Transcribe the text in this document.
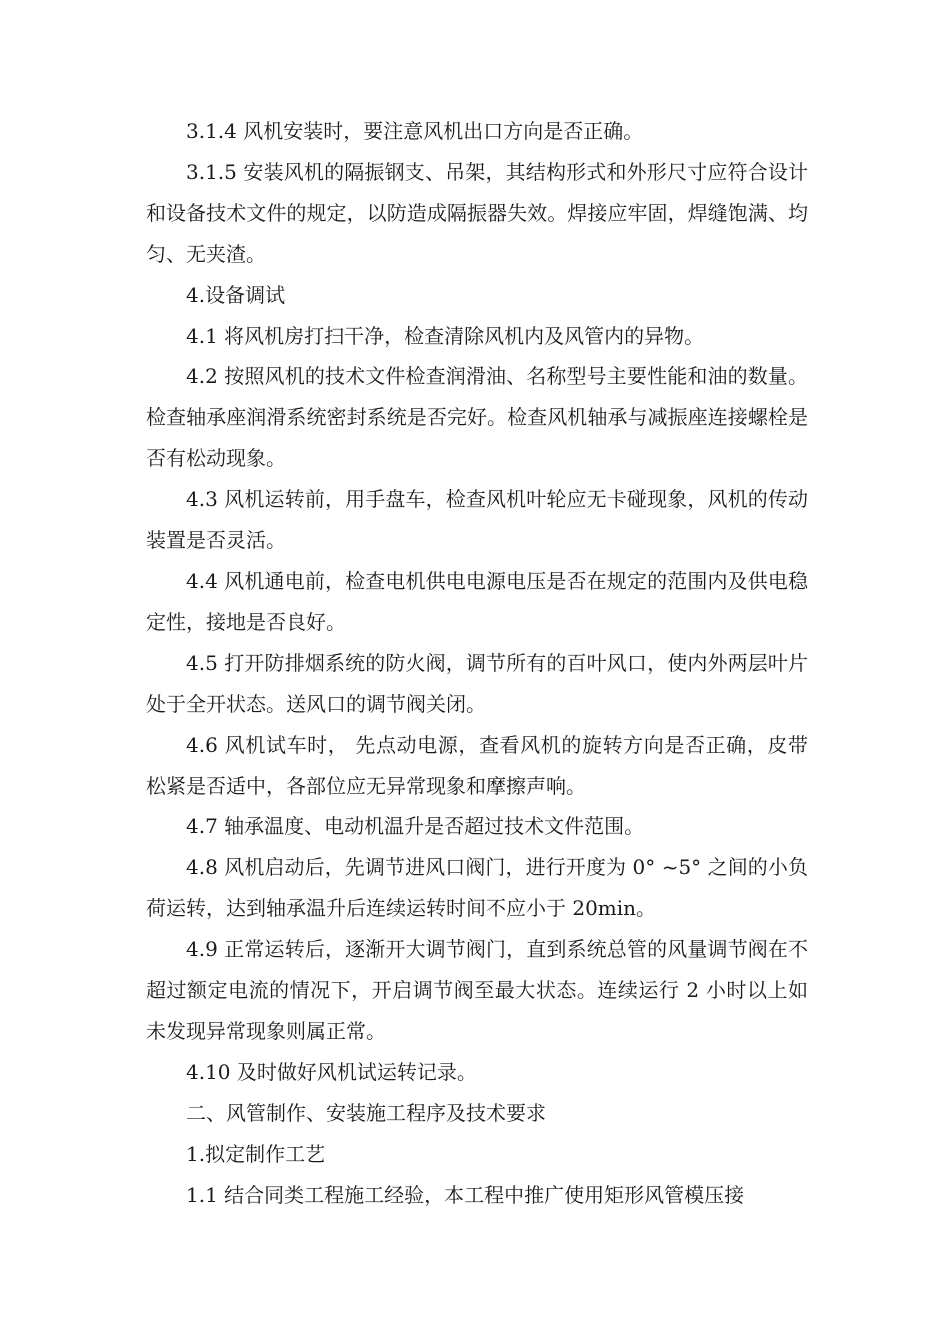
3.1.4 风机安装时，要注意风机出口方向是否正确。

3.1.5 安装风机的隔振钢支、吊架，其结构形式和外形尺寸应符合设计和设备技术文件的规定，以防造成隔振器失效。焊接应牢固，焊缝饱满、均匀、无夹渣。

4.设备调试

4.1 将风机房打扫干净，检查清除风机内及风管内的异物。

4.2 按照风机的技术文件检查润滑油、名称型号主要性能和油的数量。检查轴承座润滑系统密封系统是否完好。检查风机轴承与减振座连接螺栓是否有松动现象。

4.3 风机运转前，用手盘车，检查风机叶轮应无卡碰现象，风机的传动装置是否灵活。

4.4 风机通电前，检查电机供电电源电压是否在规定的范围内及供电稳定性，接地是否良好。

4.5 打开防排烟系统的防火阀，调节所有的百叶风口，使内外两层叶片处于全开状态。送风口的调节阀关闭。

4.6 风机试车时， 先点动电源，查看风机的旋转方向是否正确，皮带松紧是否适中，各部位应无异常现象和摩擦声响。

4.7 轴承温度、电动机温升是否超过技术文件范围。

4.8 风机启动后，先调节进风口阀门，进行开度为 0° ~5° 之间的小负荷运转，达到轴承温升后连续运转时间不应小于 20min。

4.9 正常运转后，逐渐开大调节阀门，直到系统总管的风量调节阀在不超过额定电流的情况下，开启调节阀至最大状态。连续运行 2 小时以上如未发现异常现象则属正常。

4.10 及时做好风机试运转记录。

二、风管制作、安装施工程序及技术要求

1.拟定制作工艺

1.1 结合同类工程施工经验，本工程中推广使用矩形风管模压接
